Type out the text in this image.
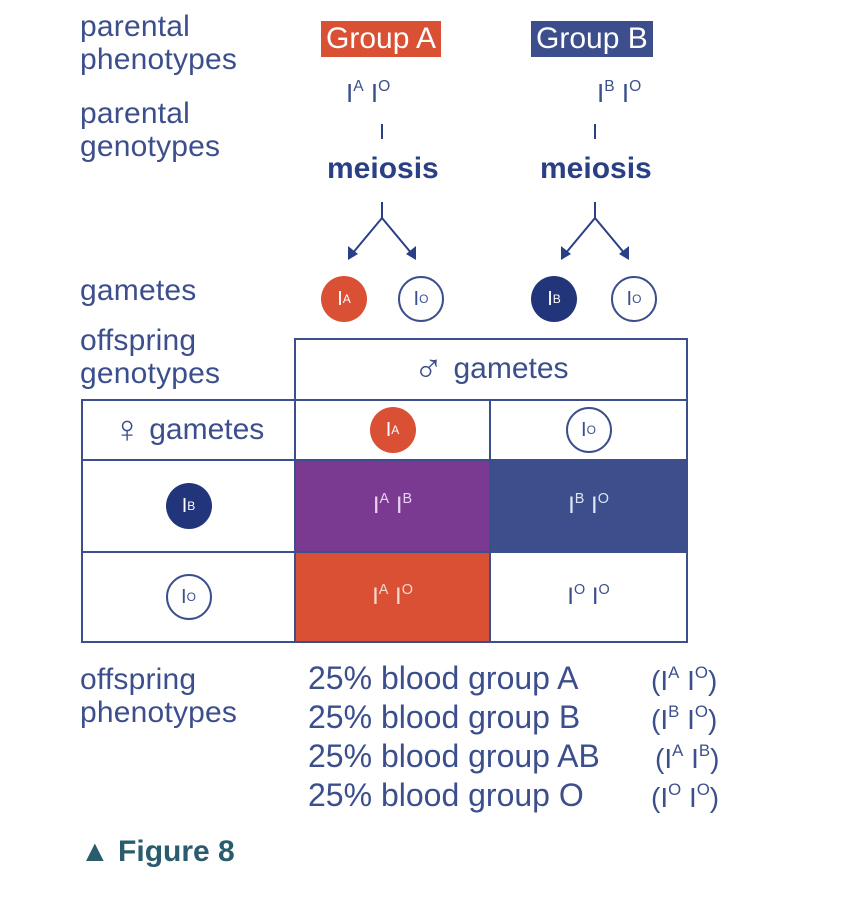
parental
phenotypes
parental
genotypes
gametes
offspring
genotypes
offspring
phenotypes
Group A
$I^A$ $I^O$
meiosis
I A	I O
Group B
$I^B$ $I^O$
meiosis
I B	I O
♂ gametes
♀ gametes	I A	I O
I B	$I^A$ $I^B$	$I^B$ $I^O$
I O	$I^A$ $I^O$	$I^O$ $I^O$
25% blood group A	($I^A$ $I^O$)
25% blood group B	($I^B$ $I^O$)
25% blood group AB ($I^A$ $I^B$)
25% blood group O ($I^O$ $I^O$)
▲ Figure 8
